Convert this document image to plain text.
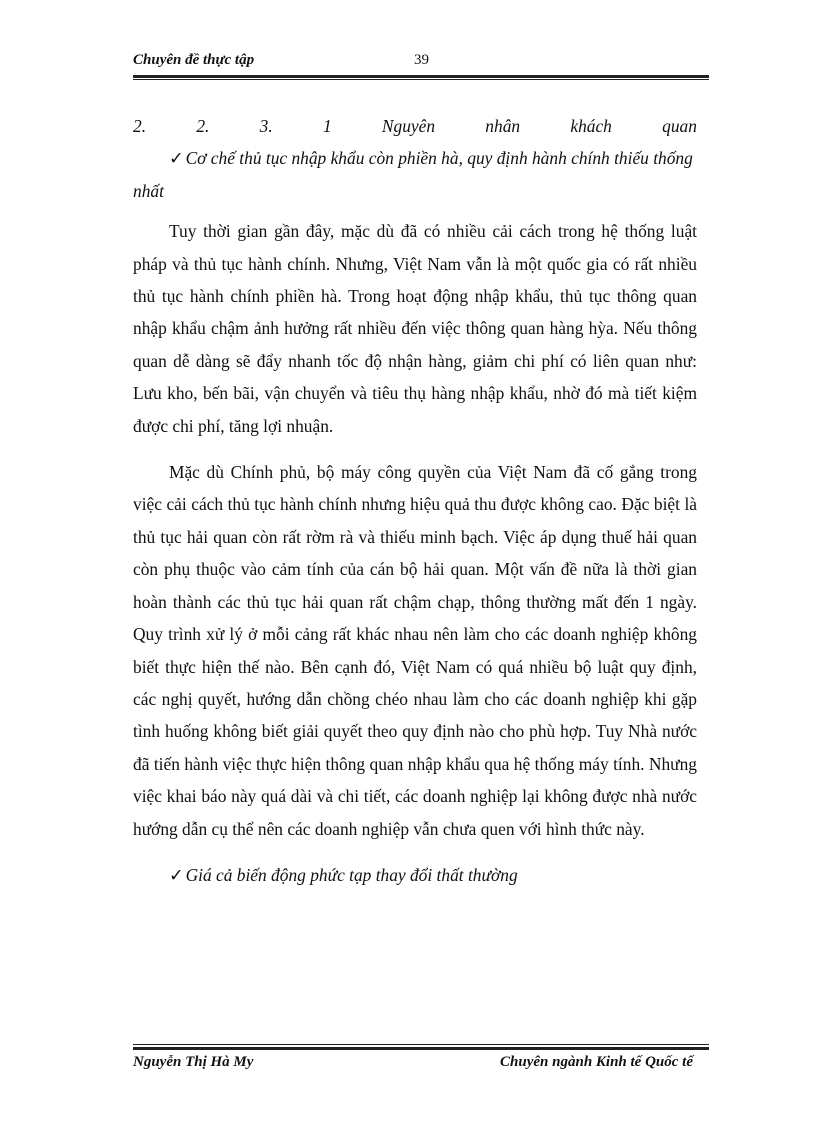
Chuyên đề thực tập	39
2.	2.	3.	1	Nguyên	nhân	khách	quan
✓ Cơ chế thủ tục nhập khẩu còn phiền hà, quy định hành chính thiếu thống nhất

Tuy thời gian gần đây, mặc dù đã có nhiều cải cách trong hệ thống luật pháp và thủ tục hành chính. Nhưng, Việt Nam vẫn là một quốc gia có rất nhiều thủ tục hành chính phiền hà. Trong hoạt động nhập khẩu, thủ tục thông quan nhập khẩu chậm ảnh hưởng rất nhiều đến việc thông quan hàng hỳa. Nếu thông quan dễ dàng sẽ đẩy nhanh tốc độ nhận hàng, giảm chi phí có liên quan như: Lưu kho, bến bãi, vận chuyển và tiêu thụ hàng nhập khẩu, nhờ đó mà tiết kiệm được chi phí, tăng lợi nhuận.

Mặc dù Chính phủ, bộ máy công quyền của Việt Nam đã cố gắng trong việc cải cách thủ tục hành chính nhưng hiệu quả thu được không cao. Đặc biệt là thủ tục hải quan còn rất rờm rà và thiếu minh bạch. Việc áp dụng thuế hải quan còn phụ thuộc vào cảm tính của cán bộ hải quan. Một vấn đề nữa là thời gian hoàn thành các thủ tục hải quan rất chậm chạp, thông thường mất đến 1 ngày. Quy trình xử lý ở mỗi cảng rất khác nhau nên làm cho các doanh nghiệp không biết thực hiện thế nào. Bên cạnh đó, Việt Nam có quá nhiều bộ luật quy định, các nghị quyết, hướng dẫn chồng chéo nhau làm cho các doanh nghiệp khi gặp tình huống không biết giải quyết theo quy định nào cho phù hợp. Tuy Nhà nước đã tiến hành việc thực hiện thông quan nhập khẩu qua hệ thống máy tính. Nhưng việc khai báo này quá dài và chi tiết, các doanh nghiệp lại không được nhà nước hướng dẫn cụ thể nên các doanh nghiệp vẫn chưa quen với hình thức này.

✓ Giá cả biến động phức tạp thay đổi thất thường
Nguyễn Thị Hà My	Chuyên ngành Kinh tế Quốc tế
